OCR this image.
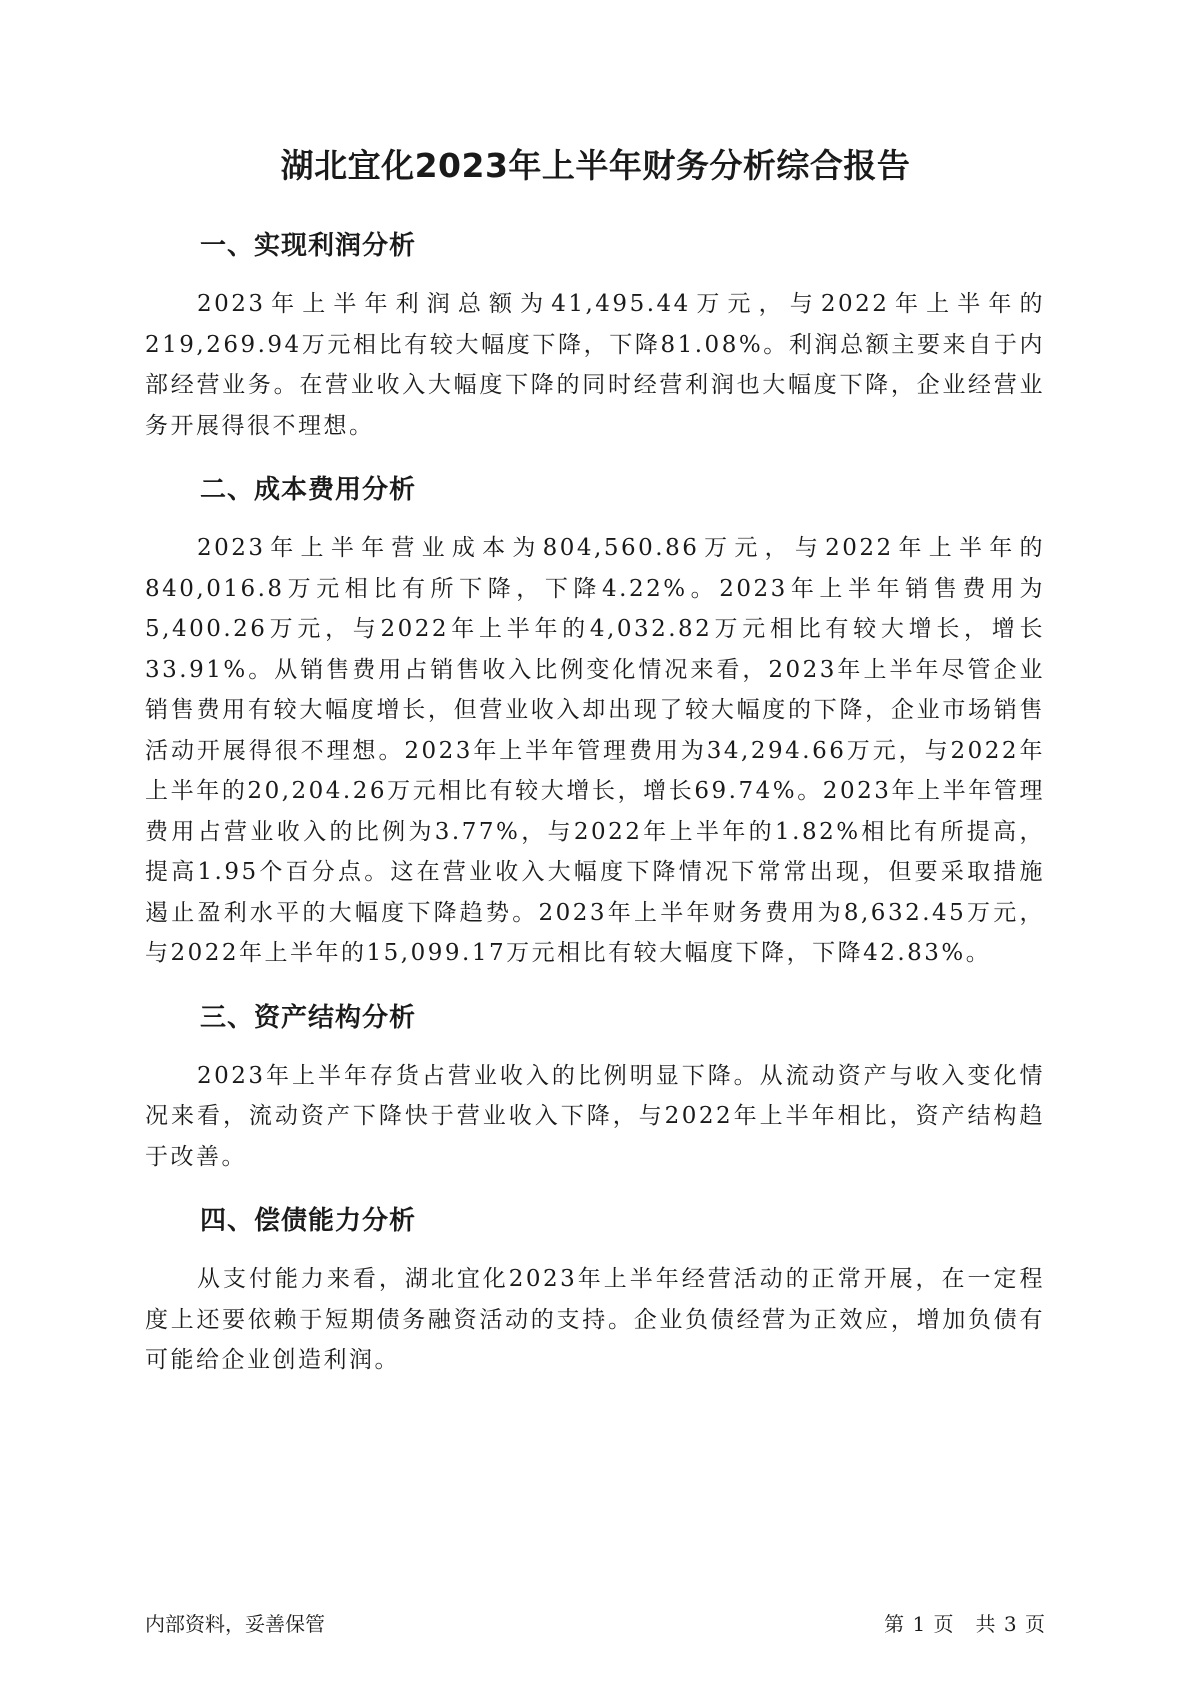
湖北宜化2023年上半年财务分析综合报告
一、实现利润分析

2023年上半年利润总额为41,495.44万元，与2022年上半年的219,269.94万元相比有较大幅度下降，下降81.08%。利润总额主要来自于内部经营业务。在营业收入大幅度下降的同时经营利润也大幅度下降，企业经营业务开展得很不理想。

二、成本费用分析

2023年上半年营业成本为804,560.86万元，与2022年上半年的840,016.8万元相比有所下降，下降4.22%。2023年上半年销售费用为5,400.26万元，与2022年上半年的4,032.82万元相比有较大增长，增长33.91%。从销售费用占销售收入比例变化情况来看，2023年上半年尽管企业销售费用有较大幅度增长，但营业收入却出现了较大幅度的下降，企业市场销售活动开展得很不理想。2023年上半年管理费用为34,294.66万元，与2022年上半年的20,204.26万元相比有较大增长，增长69.74%。2023年上半年管理费用占营业收入的比例为3.77%，与2022年上半年的1.82%相比有所提高，提高1.95个百分点。这在营业收入大幅度下降情况下常常出现，但要采取措施遏止盈利水平的大幅度下降趋势。2023年上半年财务费用为8,632.45万元，与2022年上半年的15,099.17万元相比有较大幅度下降，下降42.83%。

三、资产结构分析

2023年上半年存货占营业收入的比例明显下降。从流动资产与收入变化情况来看，流动资产下降快于营业收入下降，与2022年上半年相比，资产结构趋于改善。

四、偿债能力分析

从支付能力来看，湖北宜化2023年上半年经营活动的正常开展，在一定程度上还要依赖于短期债务融资活动的支持。企业负债经营为正效应，增加负债有可能给企业创造利润。

内部资料，妥善保管	第 1 页　共 3 页
